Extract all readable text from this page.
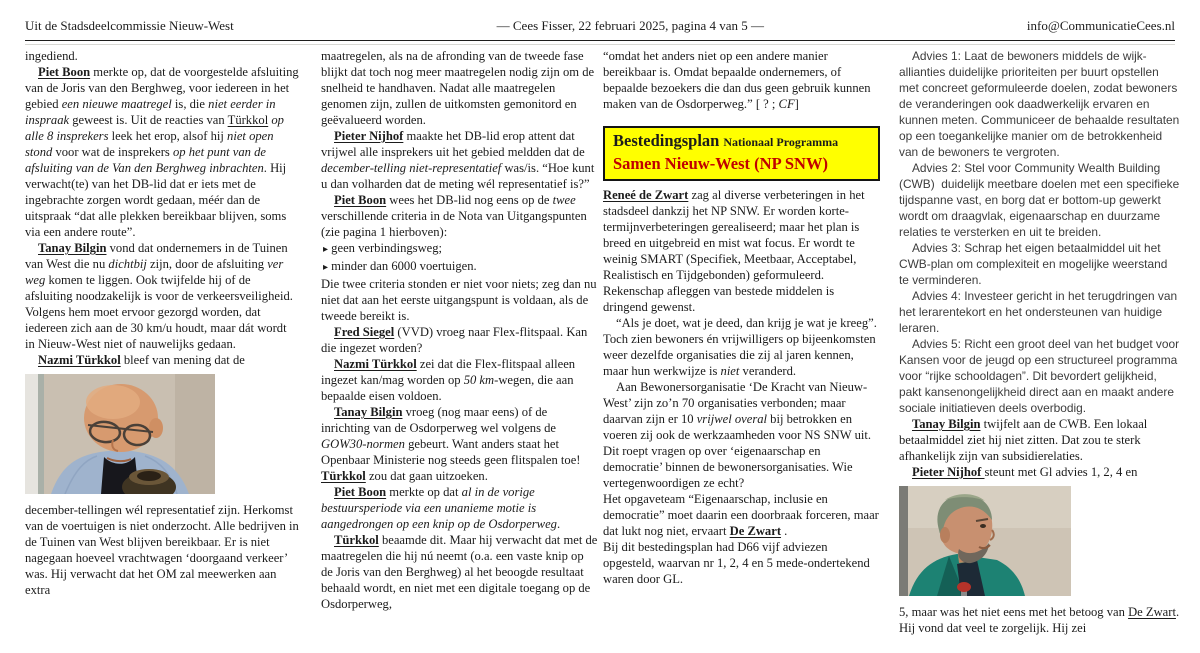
Uit de Stadsdeelcommissie Nieuw-West	— Cees Fisser, 22 februari 2025, pagina 4 van 5 —	info@CommunicatieCees.nl

ingediend.

Piet Boon merkte op, dat de voorgestelde afsluiting van de Joris van den Berghweg, voor iedereen in het gebied een nieuwe maatregel is, die niet eerder in inspraak geweest is. Uit de reacties van Türkkol op alle 8 insprekers leek het erop, alsof hij niet open stond voor wat de insprekers op het punt van de afsluiting van de Van den Berghweg inbrachten. Hij verwacht(te) van het DB-lid dat er iets met de ingebrachte zorgen wordt gedaan, méér dan de uitspraak “dat alle plekken bereikbaar blijven, soms via een andere route”.

Tanay Bilgin vond dat ondernemers in de Tuinen van West die nu dichtbij zijn, door de afsluiting ver weg komen te liggen. Ook twijfelde hij of de afsluiting noodzakelijk is voor de verkeersveiligheid. Volgens hem moet ervoor gezorgd worden, dat iedereen zich aan de 30 km/u houdt, maar dát wordt in Nieuw-West niet of nauwelijks gedaan.

Nazmi Türkkol bleef van mening dat de

december-tellingen wél representatief zijn. Herkomst van de voertuigen is niet onderzocht. Alle bedrijven in de Tuinen van West blijven bereikbaar. Er is niet nagegaan hoeveel vrachtwagen ‘doorgaand verkeer’ was. Hij verwacht dat het OM zal meewerken aan extra

maatregelen, als na de afronding van de tweede fase blijkt dat toch nog meer maatregelen nodig zijn om de snelheid te handhaven. Nadat alle maatregelen genomen zijn, zullen de uitkomsten gemonitord en geëvalueerd worden.

Pieter Nijhof maakte het DB-lid erop attent dat vrijwel alle insprekers uit het gebied meldden dat de december-telling niet-representatief was/is. “Hoe kunt u dan volharden dat de meting wél representatief is?”

Piet Boon wees het DB-lid nog eens op de twee verschillende criteria in de Nota van Uitgangspunten (zie pagina 1 hierboven):

▸ geen verbindingsweg;

▸ minder dan 6000 voertuigen.

Die twee criteria stonden er niet voor niets; zeg dan nu niet dat aan het eerste uitgangspunt is voldaan, als de tweede bereikt is.

Fred Siegel (VVD) vroeg naar Flex-flitspaal. Kan die ingezet worden?

Nazmi Türkkol zei dat die Flex-flitspaal alleen ingezet kan/mag worden op 50 km-wegen, die aan bepaalde eisen voldoen.

Tanay Bilgin vroeg (nog maar eens) of de inrichting van de Osdorperweg wel volgens de GOW30-normen gebeurt. Want anders staat het Openbaar Ministerie nog steeds geen flitspalen toe!    Türkkol zou dat gaan uitzoeken.

Piet Boon merkte op dat al in de vorige bestuursperiode via een unanieme motie is aangedrongen op een knip op de Osdorperweg.

Türkkol beaamde dit. Maar hij verwacht dat met de maatregelen die hij nú neemt (o.a. een vaste knip op de Joris van den Berghweg) al het beoogde resultaat behaald wordt, en niet met een digitale toegang op de Osdorperweg,

“omdat het anders niet op een andere manier bereikbaar is. Omdat bepaalde ondernemers, of bepaalde bezoekers die dan dus geen gebruik kunnen maken van de Osdorperweg.” [ ? ; CF]

Bestedingsplan Nationaal Programma
Samen Nieuw-West (NP SNW)

Reneé de Zwart zag al diverse verbeteringen in het stadsdeel dankzij het NP SNW. Er worden korte-termijnverbeteringen gerealiseerd; maar het plan is breed en uitgebreid en mist wat focus. Er wordt te weinig SMART (Specifiek, Meetbaar, Acceptabel, Realistisch en Tijdgebonden) geformuleerd. Rekenschap afleggen van bestede middelen is dringend gewenst.

“Als je doet, wat je deed, dan krijg je wat je kreeg”. Toch zien bewoners én vrijwilligers op bijeenkomsten weer dezelfde organisaties die zij al jaren kennen, maar hun werkwijze is niet veranderd.

Aan Bewonersorganisatie ‘De Kracht van Nieuw-West’ zijn zo’n 70 organisaties verbonden; maar daarvan zijn er 10 vrijwel overal bij betrokken en voeren zij ook de werkzaamheden voor NS SNW uit. Dit roept vragen op over ‘eigenaarschap en democratie’ binnen de bewonersorganisaties. Wie vertegenwoordigen ze echt?

Het opgaveteam “Eigenaarschap, inclusie en democratie” moet daarin een doorbraak forceren, maar dat lukt nog niet, ervaart De Zwart .

Bij dit bestedingsplan had D66 vijf adviezen opgesteld, waarvan nr 1, 2, 4 en 5 mede-ondertekend waren door GL.

Advies 1: Laat de bewoners middels de wijk-allianties duidelijke prioriteiten per buurt opstellen met concreet geformuleerde doelen, zodat bewoners de veranderingen ook daadwerkelijk ervaren en kunnen meten. Communiceer de behaalde resultaten op een toegankelijke manier om de betrokkenheid van de bewoners te vergroten.

Advies 2: Stel voor Community Wealth Building (CWB)  duidelijk meetbare doelen met een specifieke tijdspanne vast, en borg dat er bottom-up gewerkt wordt om draagvlak, eigenaarschap en duurzame relaties te versterken en uit te breiden.

Advies 3: Schrap het eigen betaalmiddel uit het CWB-plan om complexiteit en mogelijke weerstand te verminderen.

Advies 4: Investeer gericht in het terugdringen van het lerarentekort en het ondersteunen van huidige leraren.

Advies 5: Richt een groot deel van het budget voor Kansen voor de jeugd op een structureel programma voor “rijke schooldagen”. Dit bevordert gelijkheid, pakt kansenongelijkheid direct aan en maakt andere sociale initiatieven deels overbodig.

Tanay Bilgin twijfelt aan de CWB. Een lokaal betaalmiddel ziet hij niet zitten. Dat zou te sterk afhankelijk zijn van subsidierelaties.

Pieter Nijhof steunt met Gl advies 1, 2, 4 en

5, maar was het niet eens met het betoog van De Zwart. Hij vond dat veel te zorgelijk. Hij zei
